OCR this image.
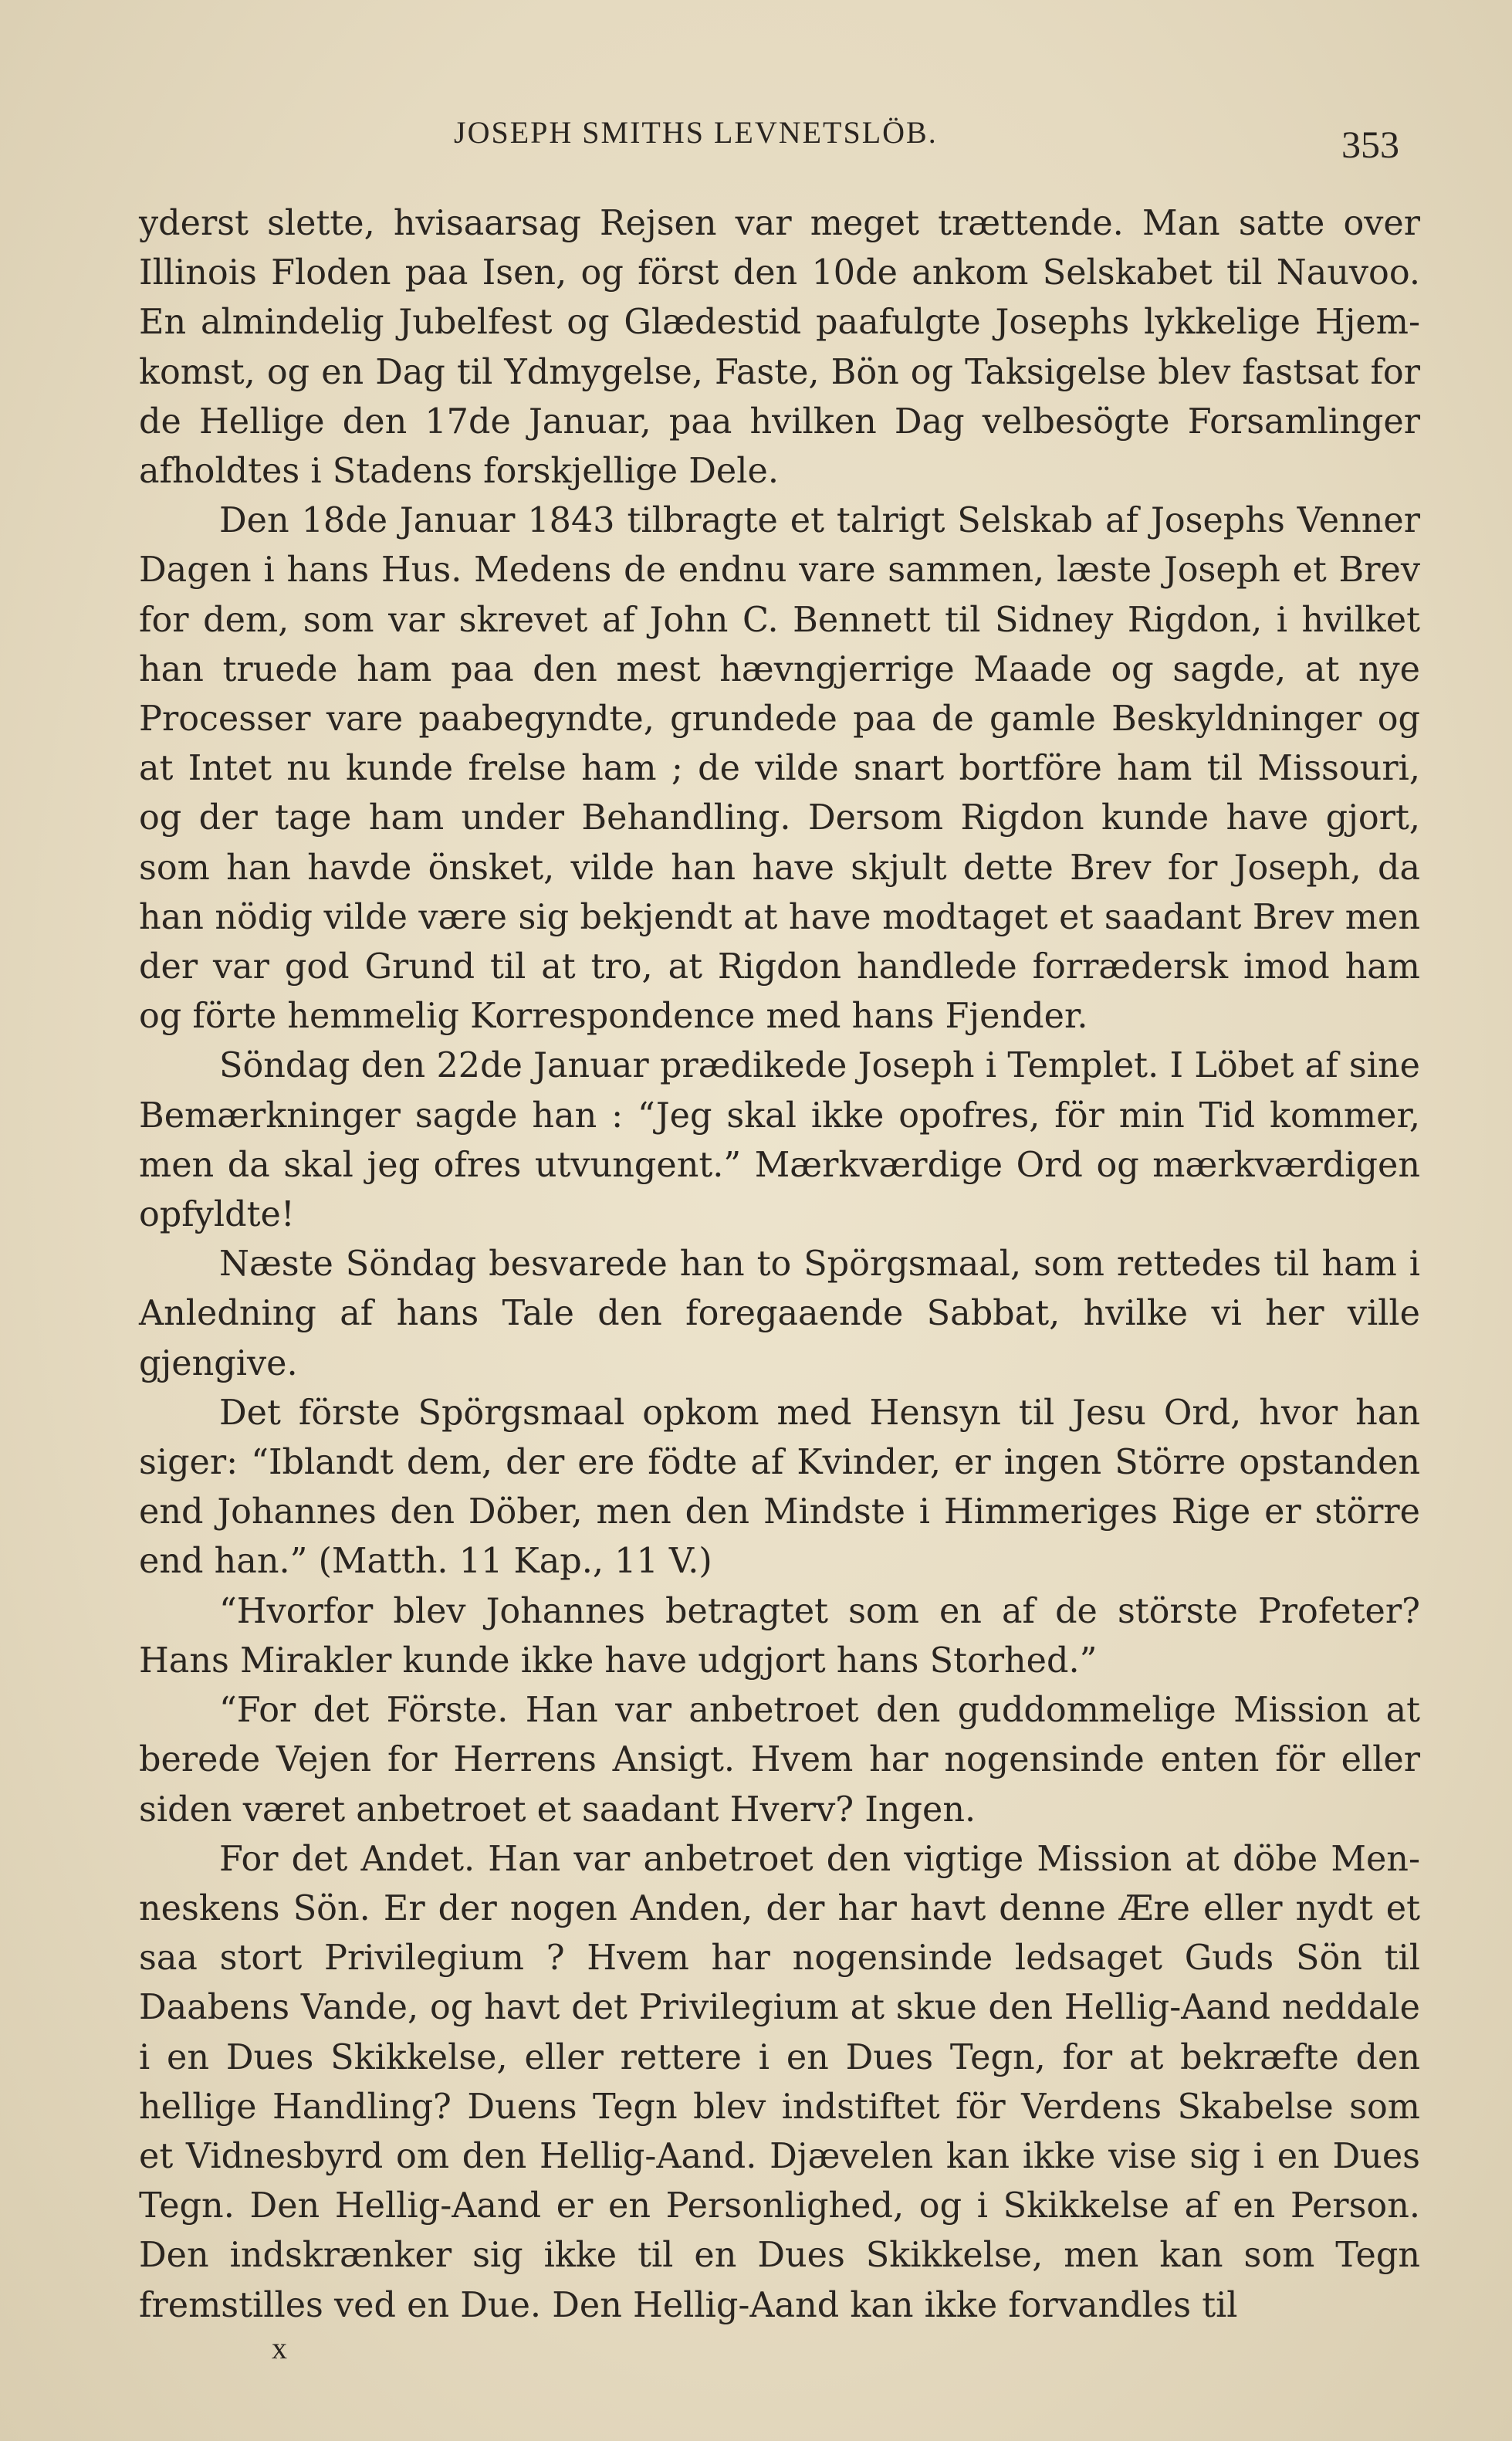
JOSEPH SMITHS LEVNETSLÖB.	353

yderst slette, hvisaarsag Rejsen var meget trættende. Man satte over Illinois Floden paa Isen, og först den 10de ankom Selskabet til Nauvoo. En almindelig Jubelfest og Glædestid paafulgte Josephs lykkelige Hjemkomst, og en Dag til Ydmygelse, Faste, Bön og Taksigelse blev fastsat for de Hellige den 17de Januar, paa hvilken Dag velbesögte Forsamlinger afholdtes i Stadens forskjellige Dele.

Den 18de Januar 1843 tilbragte et talrigt Selskab af Josephs Venner Dagen i hans Hus. Medens de endnu vare sammen, læste Joseph et Brev for dem, som var skrevet af John C. Bennett til Sidney Rigdon, i hvilket han truede ham paa den mest hævngjerrige Maade og sagde, at nye Processer vare paabegyndte, grundede paa de gamle Beskyldninger og at Intet nu kunde frelse ham ; de vilde snart bortföre ham til Missouri, og der tage ham under Behandling. Dersom Rigdon kunde have gjort, som han havde önsket, vilde han have skjult dette Brev for Joseph, da han nödig vilde være sig bekjendt at have modtaget et saadant Brev men der var god Grund til at tro, at Rigdon handlede forrædersk imod ham og förte hemmelig Korrespondence med hans Fjender.

Söndag den 22de Januar prædikede Joseph i Templet. I Löbet af sine Bemærkninger sagde han : “Jeg skal ikke opofres, för min Tid kommer, men da skal jeg ofres utvungent.” Mærkværdige Ord og mærkværdigen opfyldte!

Næste Söndag besvarede han to Spörgsmaal, som rettedes til ham i Anledning af hans Tale den foregaaende Sabbat, hvilke vi her ville gjengive.

Det förste Spörgsmaal opkom med Hensyn til Jesu Ord, hvor han siger: “Iblandt dem, der ere födte af Kvinder, er ingen Större opstanden end Johannes den Döber, men den Mindste i Himmeriges Rige er större end han.” (Matth. 11 Kap., 11 V.)

“Hvorfor blev Johannes betragtet som en af de störste Profeter? Hans Mirakler kunde ikke have udgjort hans Storhed.”

“For det Förste. Han var anbetroet den guddommelige Mission at berede Vejen for Herrens Ansigt. Hvem har nogensinde enten för eller siden været anbetroet et saadant Hverv? Ingen.

For det Andet. Han var anbetroet den vigtige Mission at döbe Menneskens Sön. Er der nogen Anden, der har havt denne Ære eller nydt et saa stort Privilegium ? Hvem har nogensinde ledsaget Guds Sön til Daabens Vande, og havt det Privilegium at skue den Hellig-Aand neddale i en Dues Skikkelse, eller rettere i en Dues Tegn, for at bekræfte den hellige Handling? Duens Tegn blev indstiftet för Verdens Skabelse som et Vidnesbyrd om den Hellig-Aand. Djævelen kan ikke vise sig i en Dues Tegn. Den Hellig-Aand er en Personlighed, og i Skikkelse af en Person. Den indskrænker sig ikke til en Dues Skikkelse, men kan som Tegn fremstilles ved en Due. Den Hellig-Aand kan ikke forvandles til

x
